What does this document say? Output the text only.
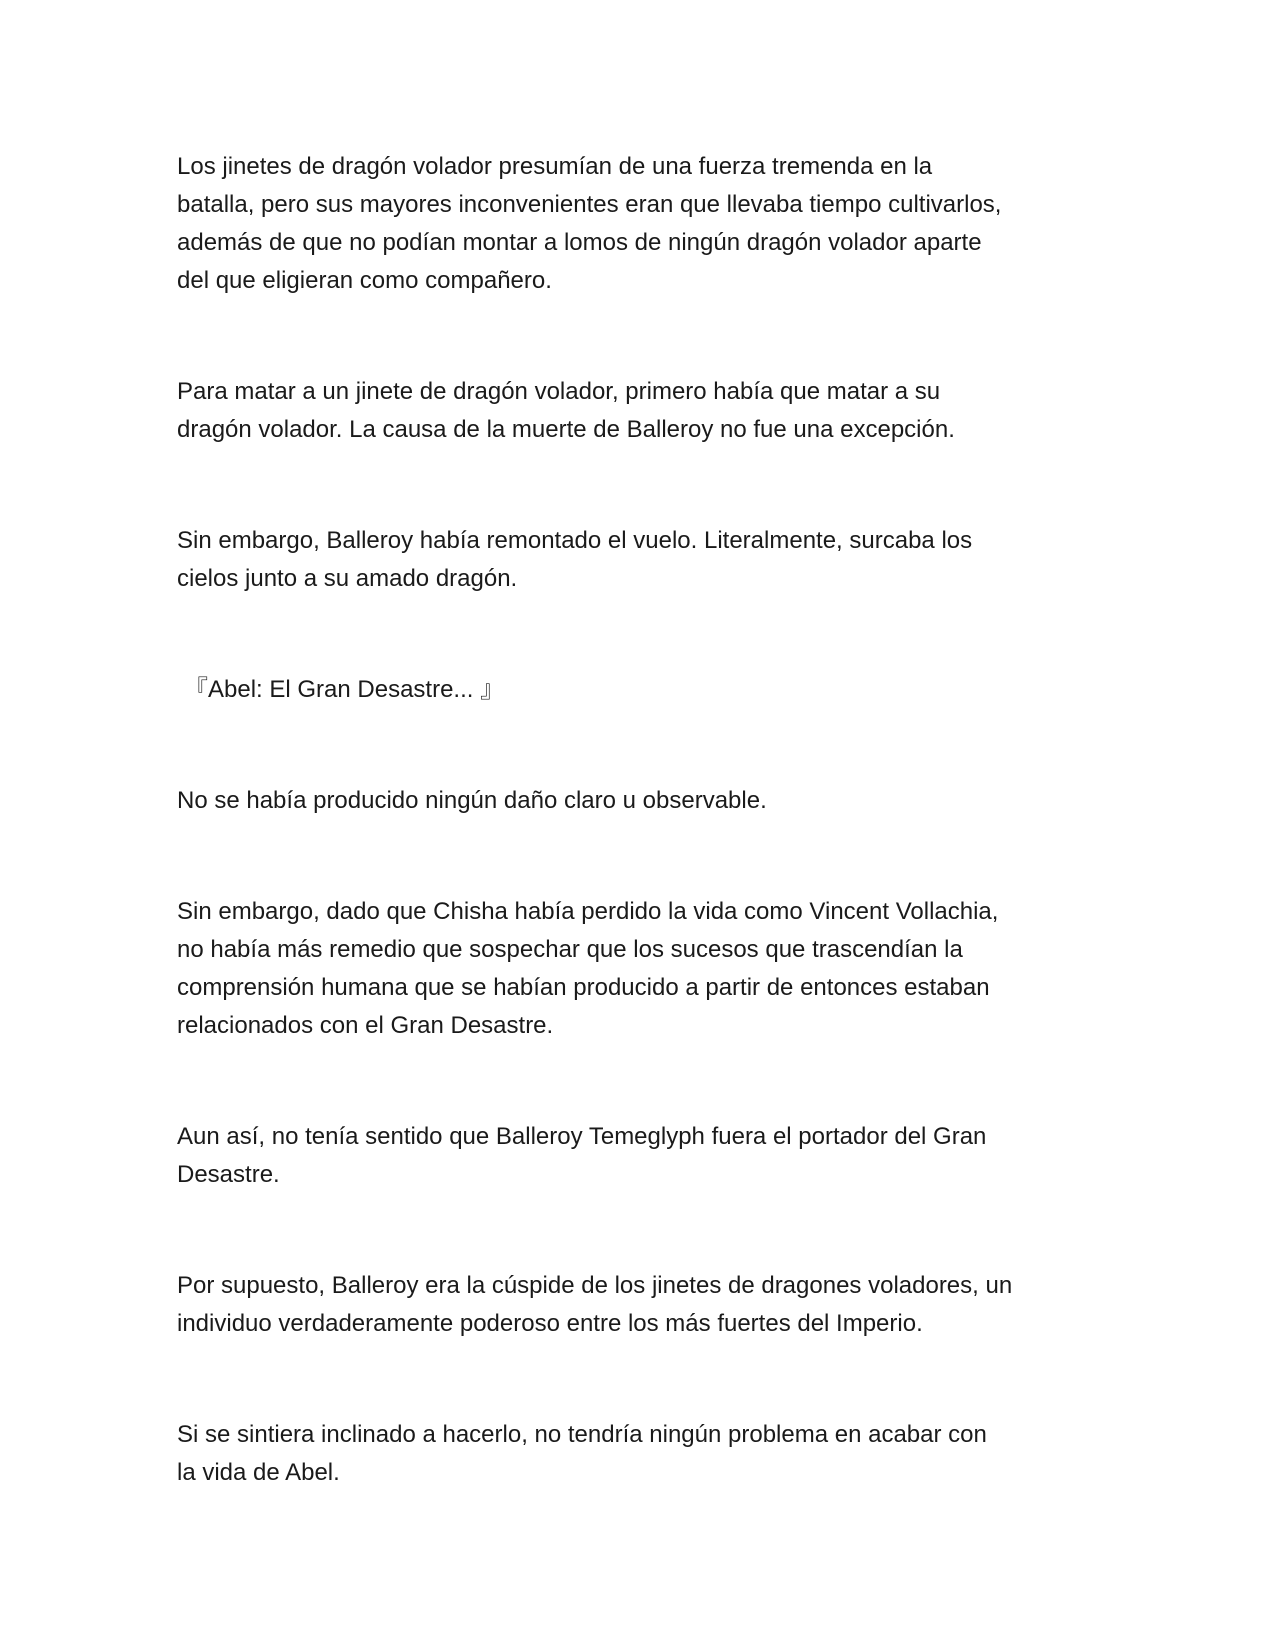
Los jinetes de dragón volador presumían de una fuerza tremenda en la
batalla, pero sus mayores inconvenientes eran que llevaba tiempo cultivarlos,
además de que no podían montar a lomos de ningún dragón volador aparte
del que eligieran como compañero.

Para matar a un jinete de dragón volador, primero había que matar a su
dragón volador. La causa de la muerte de Balleroy no fue una excepción.

Sin embargo, Balleroy había remontado el vuelo. Literalmente, surcaba los
cielos junto a su amado dragón.

『Abel: El Gran Desastre... 』

No se había producido ningún daño claro u observable.

Sin embargo, dado que Chisha había perdido la vida como Vincent Vollachia,
no había más remedio que sospechar que los sucesos que trascendían la
comprensión humana que se habían producido a partir de entonces estaban
relacionados con el Gran Desastre.

Aun así, no tenía sentido que Balleroy Temeglyph fuera el portador del Gran
Desastre.

Por supuesto, Balleroy era la cúspide de los jinetes de dragones voladores, un
individuo verdaderamente poderoso entre los más fuertes del Imperio.

Si se sintiera inclinado a hacerlo, no tendría ningún problema en acabar con
la vida de Abel.
